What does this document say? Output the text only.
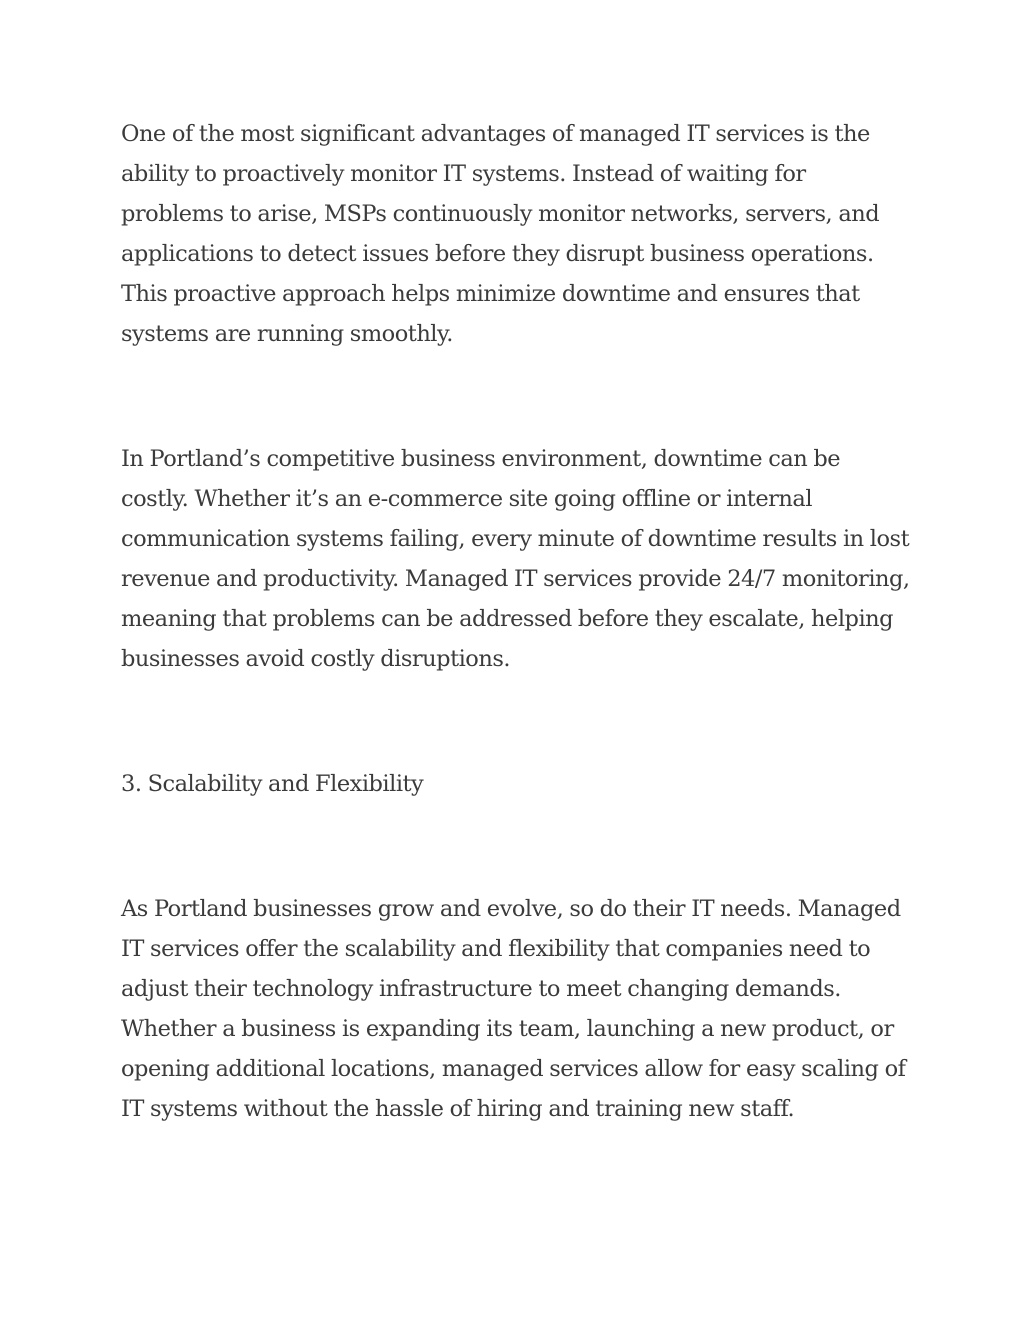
One of the most significant advantages of managed IT services is the ability to proactively monitor IT systems. Instead of waiting for problems to arise, MSPs continuously monitor networks, servers, and applications to detect issues before they disrupt business operations. This proactive approach helps minimize downtime and ensures that systems are running smoothly.

In Portland’s competitive business environment, downtime can be costly. Whether it’s an e-commerce site going offline or internal communication systems failing, every minute of downtime results in lost revenue and productivity. Managed IT services provide 24/7 monitoring, meaning that problems can be addressed before they escalate, helping businesses avoid costly disruptions.

3. Scalability and Flexibility

As Portland businesses grow and evolve, so do their IT needs. Managed IT services offer the scalability and flexibility that companies need to adjust their technology infrastructure to meet changing demands. Whether a business is expanding its team, launching a new product, or opening additional locations, managed services allow for easy scaling of IT systems without the hassle of hiring and training new staff.
